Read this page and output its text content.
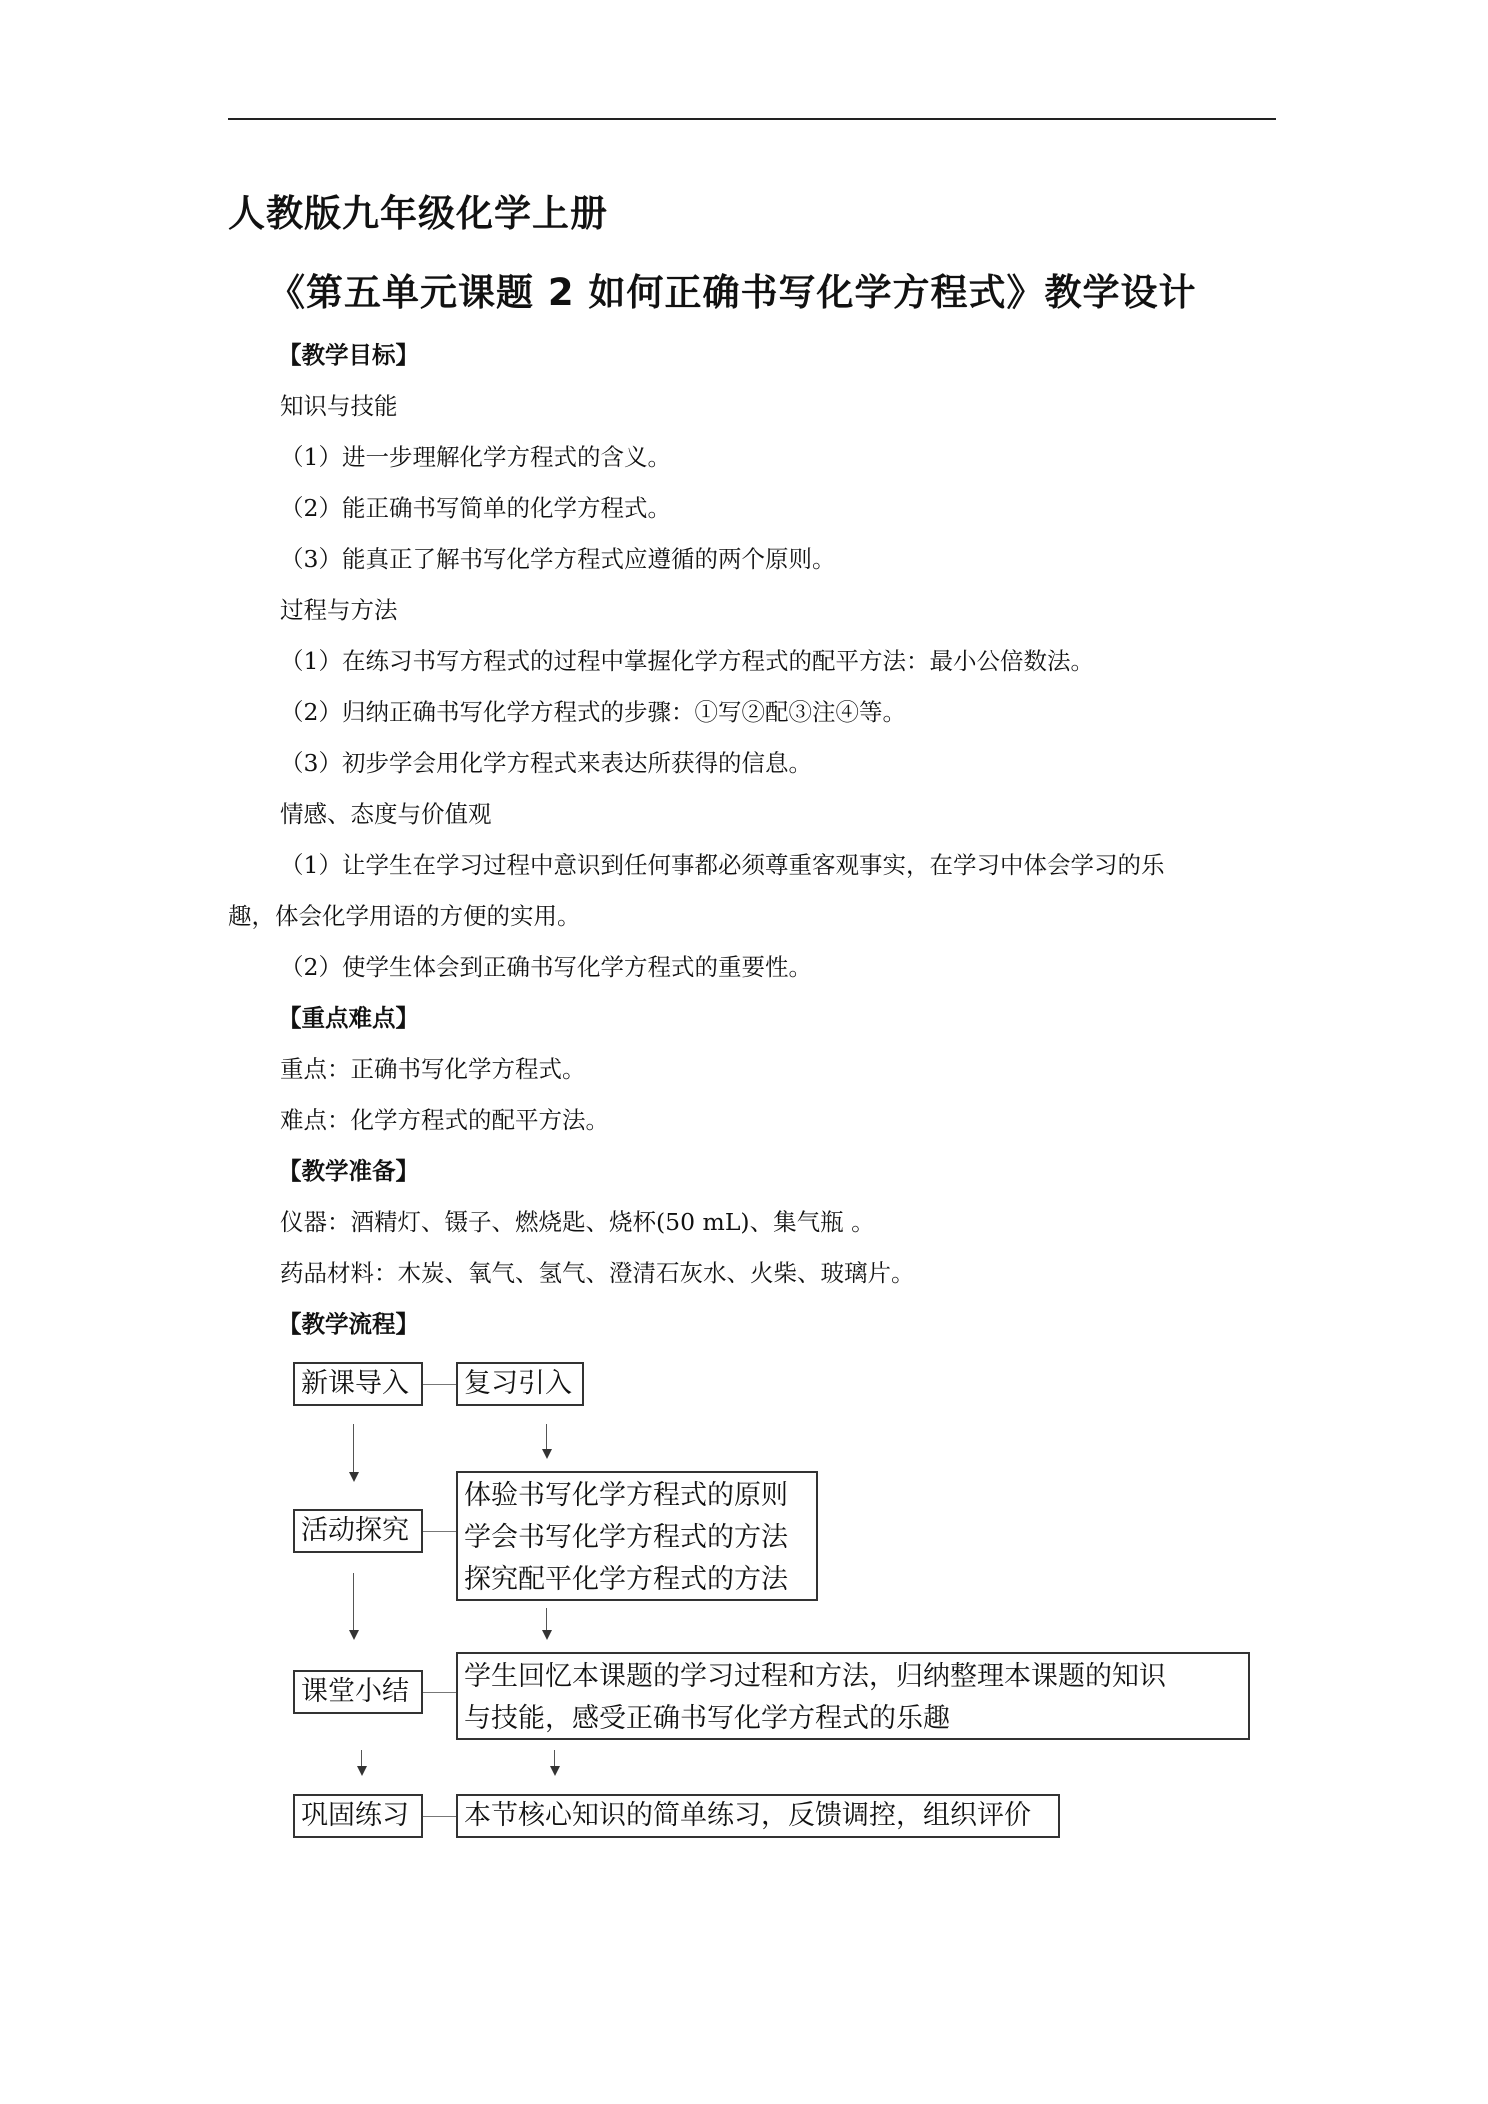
人教版九年级化学上册
《第五单元课题 2 如何正确书写化学方程式》教学设计
【教学目标】
知识与技能
（1）进一步理解化学方程式的含义。
（2）能正确书写简单的化学方程式。
（3）能真正了解书写化学方程式应遵循的两个原则。
过程与方法
（1）在练习书写方程式的过程中掌握化学方程式的配平方法：最小公倍数法。
（2）归纳正确书写化学方程式的步骤：①写②配③注④等。
（3）初步学会用化学方程式来表达所获得的信息。
情感、态度与价值观
（1）让学生在学习过程中意识到任何事都必须尊重客观事实，在学习中体会学习的乐
趣，体会化学用语的方便的实用。
（2）使学生体会到正确书写化学方程式的重要性。
【重点难点】
重点：正确书写化学方程式。
难点：化学方程式的配平方法。
【教学准备】
仪器：酒精灯、镊子、燃烧匙、烧杯(50 mL)、集气瓶 。
药品材料：木炭、氧气、氢气、澄清石灰水、火柴、玻璃片。
【教学流程】
新课导入	复习引入
活动探究
体验书写化学方程式的原则
学会书写化学方程式的方法
探究配平化学方程式的方法
课堂小结	学生回忆本课题的学习过程和方法，归纳整理本课题的知识
与技能，感受正确书写化学方程式的乐趣
巩固练习	本节核心知识的简单练习，反馈调控，组织评价
